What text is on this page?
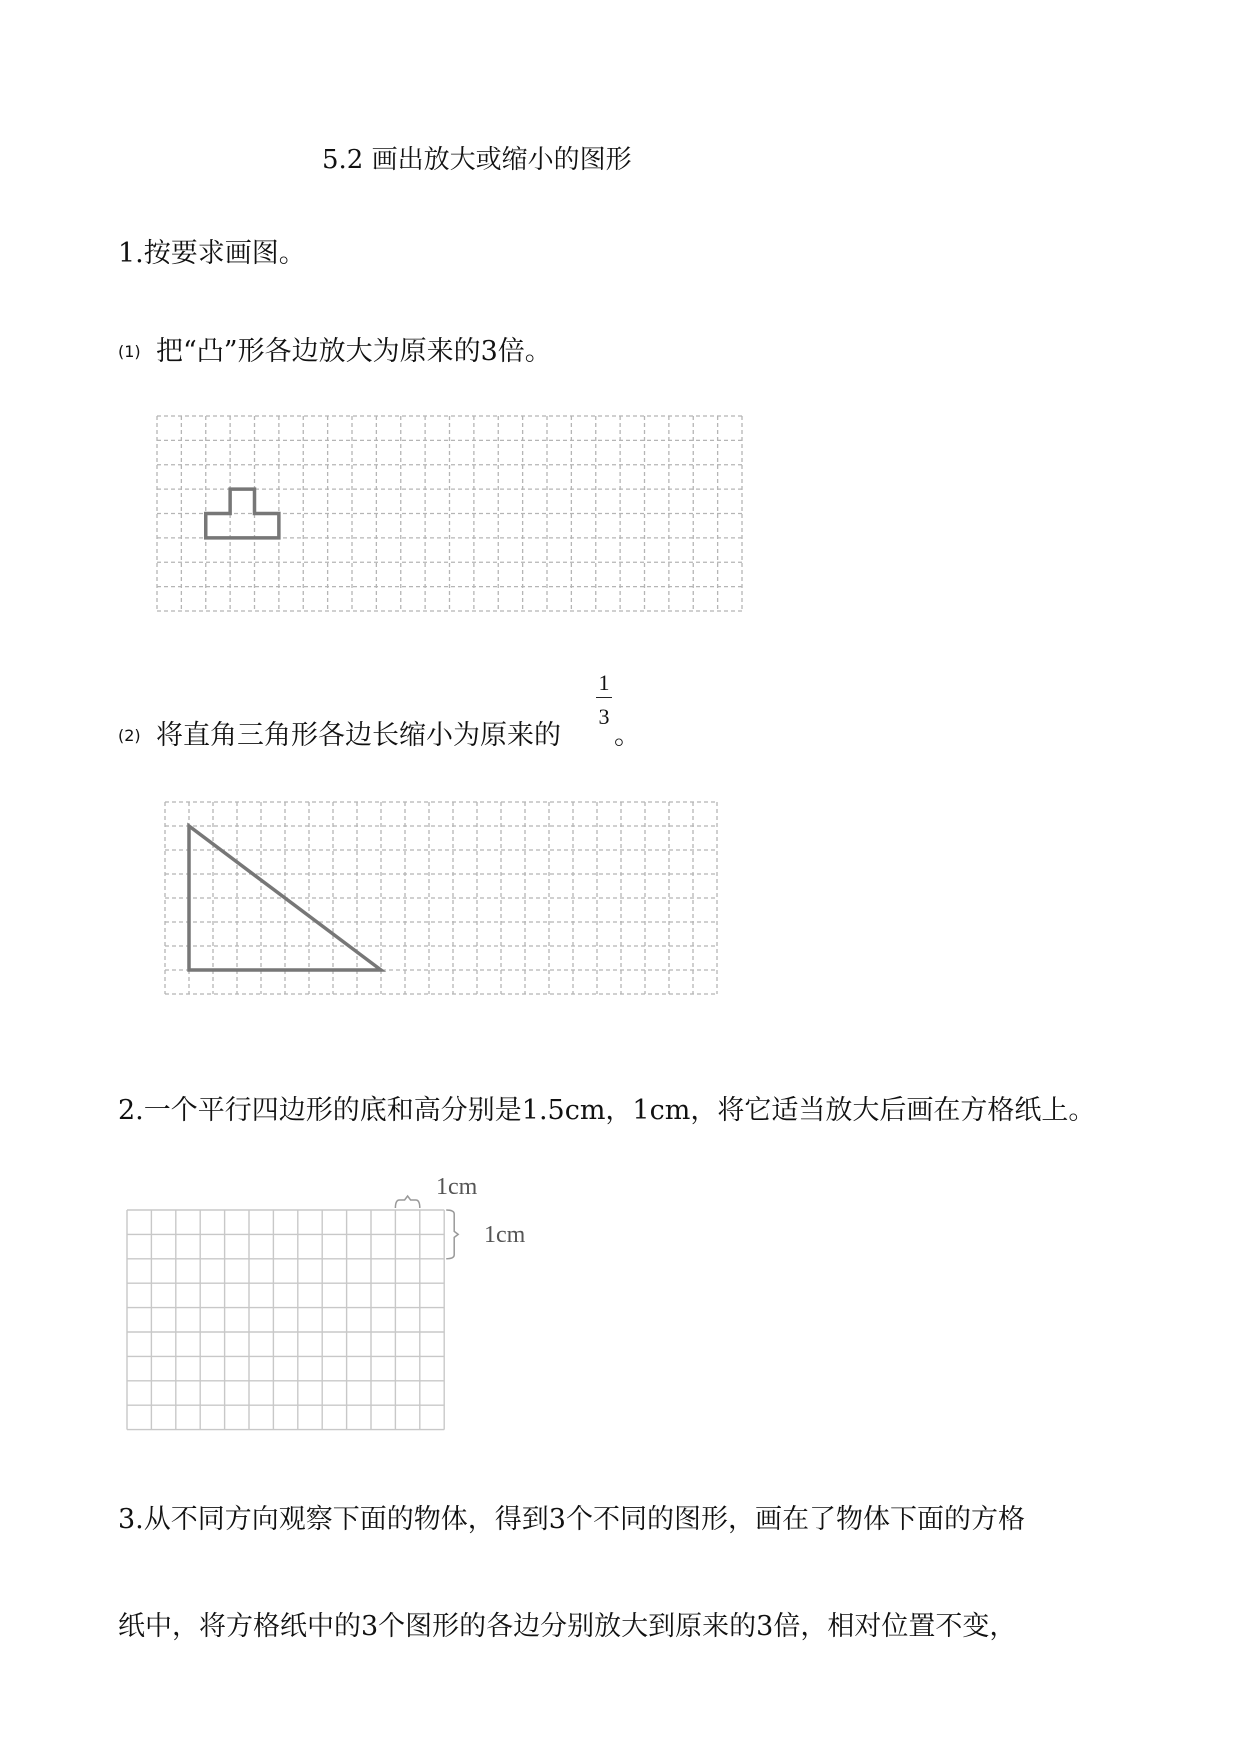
5.2 画出放大或缩小的图形
1.按要求画图。
(1) 把“凸”形各边放大为原来的3倍。
(2) 将直角三角形各边长缩小为原来的
1
3
。
2.一个平行四边形的底和高分别是1.5cm，1cm，将它适当放大后画在方格纸上。
1cm
1cm
3.从不同方向观察下面的物体，得到3个不同的图形，画在了物体下面的方格
纸中，将方格纸中的3个图形的各边分别放大到原来的3倍，相对位置不变，
